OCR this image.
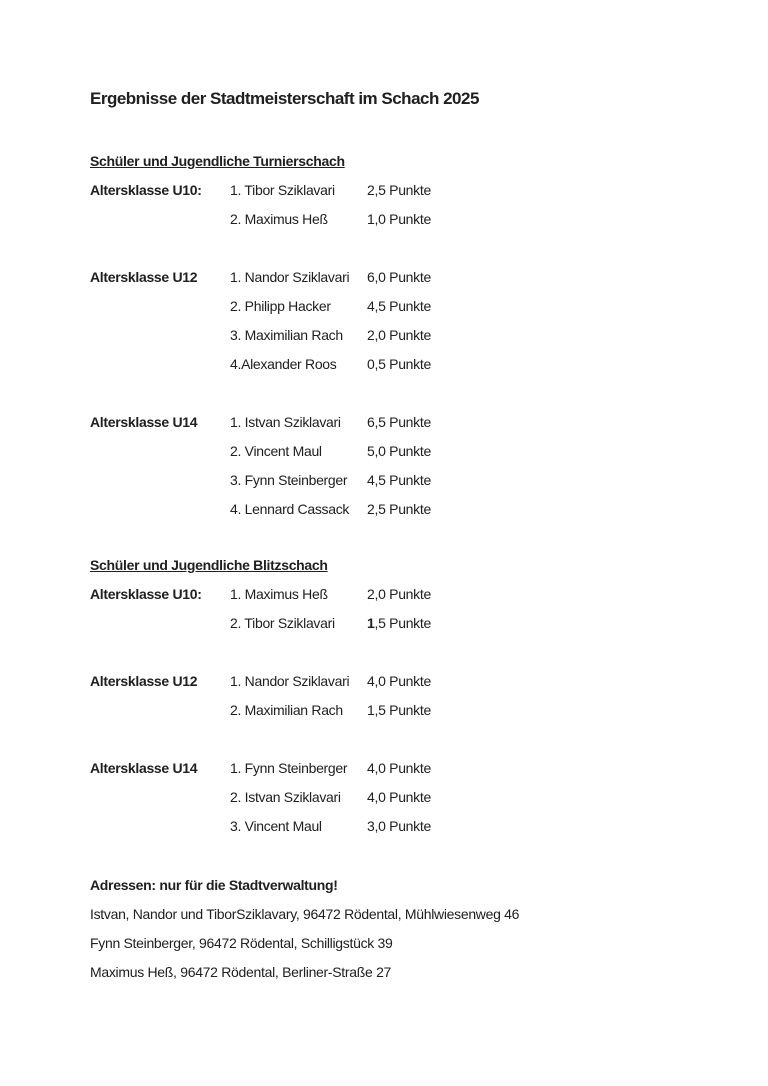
Ergebnisse der Stadtmeisterschaft im Schach 2025
Schüler und Jugendliche Turnierschach
Altersklasse U10:	1. Tibor Sziklavari	2,5 Punkte
2. Maximus Heß	1,0 Punkte
Altersklasse U12	1. Nandor Sziklavari	6,0 Punkte
2. Philipp Hacker	4,5 Punkte
3. Maximilian Rach	2,0 Punkte
4.Alexander Roos	0,5 Punkte
Altersklasse U14	1. Istvan Sziklavari	6,5 Punkte
2. Vincent Maul	5,0 Punkte
3. Fynn Steinberger	4,5 Punkte
4. Lennard Cassack	2,5 Punkte
Schüler und Jugendliche Blitzschach
Altersklasse U10:	1. Maximus Heß	2,0 Punkte
2. Tibor Sziklavari	1,5 Punkte
Altersklasse U12	1. Nandor Sziklavari	4,0 Punkte
2. Maximilian Rach	1,5 Punkte
Altersklasse U14	1. Fynn Steinberger	4,0 Punkte
2. Istvan Sziklavari	4,0 Punkte
3. Vincent Maul	3,0 Punkte

Adressen: nur für die Stadtverwaltung!

Istvan, Nandor und TiborSziklavary, 96472 Rödental, Mühlwiesenweg 46

Fynn Steinberger, 96472 Rödental, Schilligstück 39

Maximus Heß, 96472 Rödental, Berliner-Straße 27
